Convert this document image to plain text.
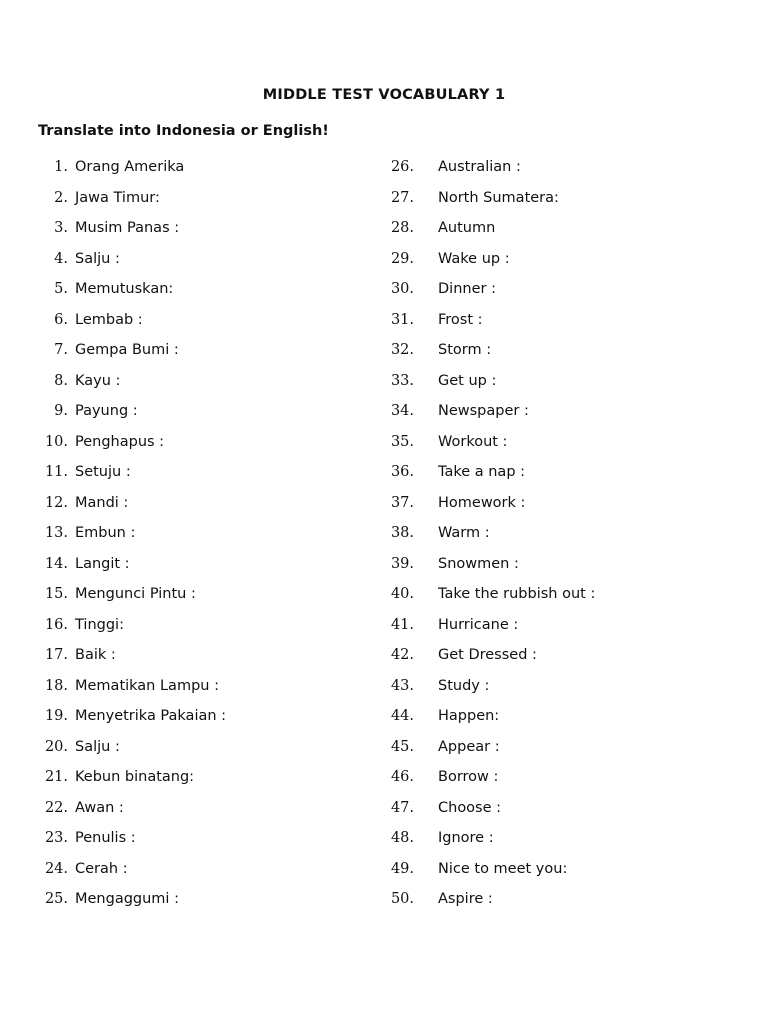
MIDDLE TEST VOCABULARY 1
Translate into Indonesia or English!
1. Orang Amerika
2. Jawa Timur:
3. Musim Panas :
4. Salju :
5. Memutuskan:
6. Lembab :
7. Gempa Bumi :
8. Kayu :
9. Payung :
10. Penghapus :
11. Setuju :
12. Mandi :
13. Embun :
14. Langit :
15. Mengunci Pintu :
16. Tinggi:
17. Baik :
18. Mematikan Lampu :
19. Menyetrika Pakaian :
20. Salju :
21. Kebun binatang:
22. Awan :
23. Penulis :
24. Cerah :
25. Mengaggumi :
26. Australian :
27. North Sumatera:
28. Autumn
29. Wake up :
30. Dinner :
31. Frost :
32. Storm :
33. Get up :
34. Newspaper :
35. Workout :
36. Take a nap :
37. Homework :
38. Warm :
39. Snowmen :
40. Take the rubbish out :
41. Hurricane :
42. Get Dressed :
43. Study :
44. Happen:
45. Appear :
46. Borrow :
47. Choose :
48. Ignore :
49. Nice to meet you:
50. Aspire :
